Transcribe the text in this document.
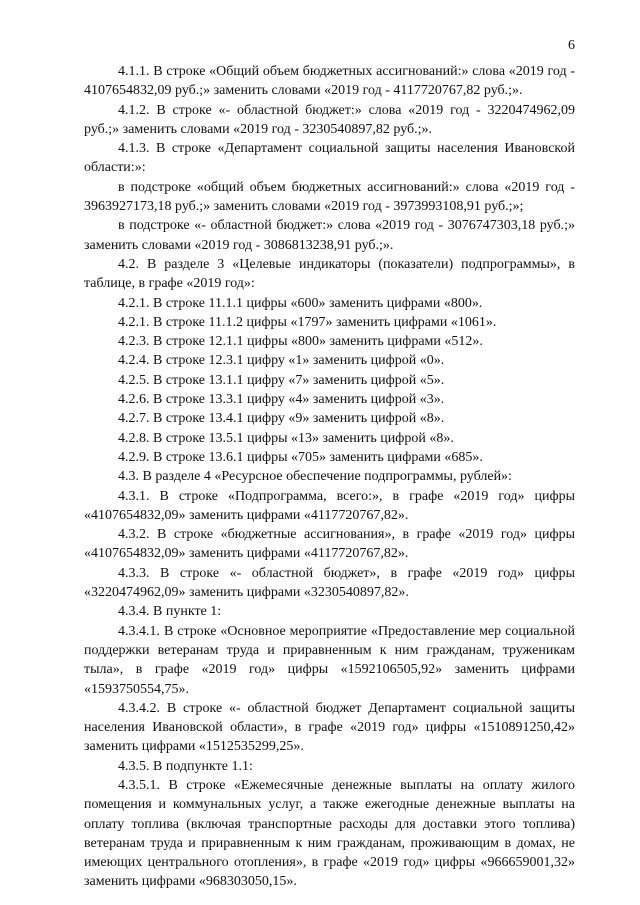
6

4.1.1. В строке «Общий объем бюджетных ассигнований:» слова «2019 год - 4107654832,09 руб.;» заменить словами «2019 год - 4117720767,82 руб.;».

4.1.2. В строке «- областной бюджет:» слова «2019 год - 3220474962,09 руб.;» заменить словами «2019 год - 3230540897,82 руб.;».

4.1.3. В строке «Департамент социальной защиты населения Ивановской области:»:

в подстроке «общий объем бюджетных ассигнований:» слова «2019 год - 3963927173,18 руб.;» заменить словами «2019 год - 3973993108,91 руб.;»;

в подстроке «- областной бюджет:» слова «2019 год - 3076747303,18 руб.;» заменить словами «2019 год - 3086813238,91 руб.;».

4.2. В разделе 3 «Целевые индикаторы (показатели) подпрограммы», в таблице, в графе «2019 год»:

4.2.1. В строке 11.1.1 цифры «600» заменить цифрами «800».

4.2.1. В строке 11.1.2 цифры «1797» заменить цифрами «1061».

4.2.3. В строке 12.1.1 цифры «800» заменить цифрами «512».

4.2.4. В строке 12.3.1 цифру «1» заменить цифрой «0».

4.2.5. В строке 13.1.1 цифру «7» заменить цифрой «5».

4.2.6. В строке 13.3.1 цифру «4» заменить цифрой «3».

4.2.7. В строке 13.4.1 цифру «9» заменить цифрой «8».

4.2.8. В строке 13.5.1 цифры «13» заменить цифрой «8».

4.2.9. В строке 13.6.1 цифры «705» заменить цифрами «685».

4.3. В разделе 4 «Ресурсное обеспечение подпрограммы, рублей»:

4.3.1. В строке «Подпрограмма, всего:», в графе «2019 год» цифры «4107654832,09» заменить цифрами «4117720767,82».

4.3.2. В строке «бюджетные ассигнования», в графе «2019 год» цифры «4107654832,09» заменить цифрами «4117720767,82».

4.3.3. В строке «- областной бюджет», в графе «2019 год» цифры «3220474962,09» заменить цифрами «3230540897,82».

4.3.4. В пункте 1:

4.3.4.1. В строке «Основное мероприятие «Предоставление мер социальной поддержки ветеранам труда и приравненным к ним гражданам, труженикам тыла», в графе «2019 год» цифры «1592106505,92» заменить цифрами «1593750554,75».

4.3.4.2. В строке «- областной бюджет Департамент социальной защиты населения Ивановской области», в графе «2019 год» цифры «1510891250,42» заменить цифрами «1512535299,25».

4.3.5. В подпункте 1.1:

4.3.5.1. В строке «Ежемесячные денежные выплаты на оплату жилого помещения и коммунальных услуг, а также ежегодные денежные выплаты на оплату топлива (включая транспортные расходы для доставки этого топлива) ветеранам труда и приравненным к ним гражданам, проживающим в домах, не имеющих центрального отопления», в графе «2019 год» цифры «966659001,32» заменить цифрами «968303050,15».
